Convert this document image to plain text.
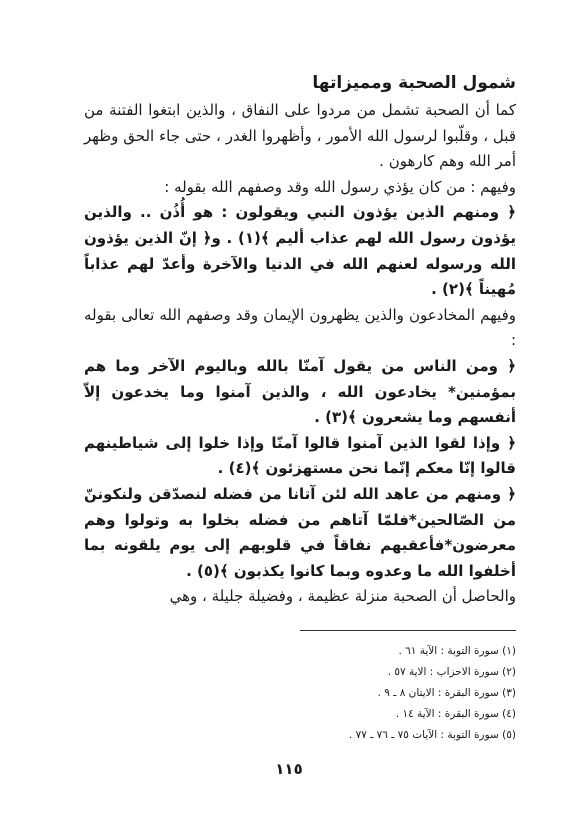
شمول الصحبة ومميزاتها

كما أن الصحبة تشمل من مردوا على النفاق ، والذين ابتغوا الفتنة من قبل ، وقلّبوا لرسول الله الأمور ، وأظهروا الغدر ، حتى جاء الحق وظهر أمر الله وهم كارهون .

وفيهم : من كان يؤذي رسول الله وقد وصفهم الله بقوله :

﴿ ومنهم الذين يؤذون النبي ويقولون : هو أُذُن .. والذين يؤذون رسول الله لهم عذاب أليم ﴾(١) . و﴿ إنّ الذين يؤذون الله ورسوله لعنهم الله في الدنيا والآخرة وأعدّ لهم عذاباً مُهيناً ﴾(٢) .

وفيهم المخادعون والذين يظهرون الإيمان وقد وصفهم الله تعالى بقوله :

﴿ ومن الناس من يقول آمنّا بالله وباليوم الآخر وما هم بمؤمنين* يخادعون الله ، والذين آمنوا وما يخدعون إلاّ أنفسهم وما يشعرون ﴾(٣) .

﴿ وإذا لقوا الذين آمنوا قالوا آمنّا وإذا خلوا إلى شياطينهم قالوا إنّا معكم إنّما نحن مستهزئون ﴾(٤) .

﴿ ومنهم من عاهد الله لئن آتانا من فضله لنصدّقن ولنكوننّ من الصّالحين*فلمّا آتاهم من فضله بخلوا به وتولوا وهم معرضون*فأعقبهم نفاقاً في قلوبهم إلى يوم يلقونه بما أخلفوا الله ما وعدوه وبما كانوا يكذبون ﴾(٥) .

والحاصل أن الصحبة منزلة عظيمة ، وفضيلة جليلة ، وهي

(١) سورة التوبة : الآية ٦١ .

(٢) سورة الاحزاب : الاية ٥٧ .

(٣) سورة البقرة : الايتان ٨ ـ ٩ .

(٤) سورة البقرة : الآية ١٤ .

(٥) سورة التوبة : الآيات ٧٥ ـ ٧٦ ـ ٧٧ .

١١٥
